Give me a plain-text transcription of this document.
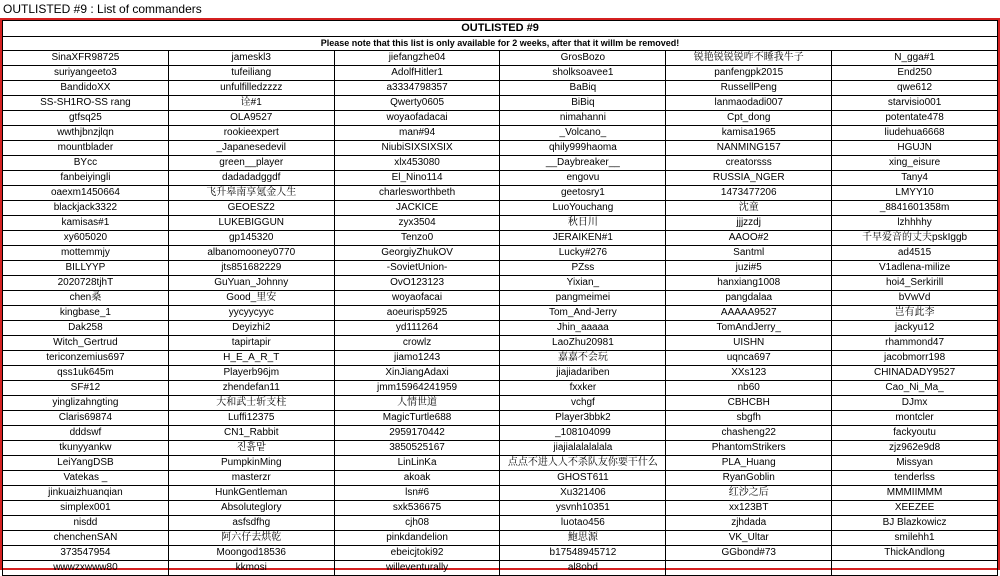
OUTLISTED #9 : List of commanders
OUTLISTED #9					
Please note that this list is only available for 2 weeks, after that it willm be removed!					
SinaXFR98725	jameskl3	jiefangzhe04	GrosBozo	锐艳锐锐锐咋不睡我牛子	N_gga#1
suriyangeeto3	tufeiliang	AdolfHitler1	sholksoavee1	panfengpk2015	End250
BandidoXX	unfulfilledzzzz	a3334798357	BaBiq	RussellPeng	qwe612
SS-SH1RO-SS rang	诠#1	Qwerty0605	BiBiq	lanmaodadi007	starvisio001
gtfsq25	OLA9527	woyaofadacai	nimahanni	Cpt_dong	potentate478
wwthjbnzjlqn	rookieexpert	man#94	_Volcano_	kamisa1965	liudehua6668
mountblader	_Japanesedevil	NiubiSIXSIXSIX	qhily999haoma	NANMING157	HGUJN
BYcc	green__player	xlx453080	__Daybreaker__	creatorsss	xing_eisure
fanbeiyingli	dadadadggdf	El_Nino114	engovu	RUSSIA_NGER	Tany4
oaexm1450664	飞升皋南享氪金人生	charlesworthbeth	geetosry1	1473477206	LMYY10
blackjack3322	GEOESZ2	JACKICE	LuoYouchang	沈童	_8841601358m
kamisas#1	LUKEBIGGUN	zyx3504	秋日川	jjjzzdj	lzhhhhy
xy605020	gp145320	Tenzo0	JERAIKEN#1	AAOO#2	千早爱音的丈夫pskIggb
mottemmjy	albanomooney0770	GeorgiyZhukOV	Lucky#276	Santml	ad4515
BILLYYP	jts851682229	-SovietUnion-	PZss	juzi#5	V1adlena-milize
2020728tjhT	GuYuan_Johnny	OvO123123	Yixian_	hanxiang1008	hoi4_Serkirill
chen桑	Good_里安	woyaofacai	pangmeimei	pangdalaa	bVwVd
kingbase_1	yycyycyyc	aoeurisp5925	Tom_And-Jerry	AAAAA9527	岂有此李
Dak258	Deyizhi2	yd111264	Jhin_aaaaa	TomAndJerry_	jackyu12
Witch_Gertrud	tapirtapir	crowlz	LaoZhu20981	UISHN	rhammond47
tericonzemius697	H_E_A_R_T	jiamo1243	嘉嘉不会玩	uqnca697	jacobmorr198
qss1uk645m	Playerb96jm	XinJiangAdaxi	jiajiadariben	XXs123	CHINADADY9527
SF#12	zhendefan11	jmm15964241959	fxxker	nb60	Cao_Ni_Ma_
yinglizahngting	大和武士斩支柱	人情世道	vchgf	CBHCBH	DJmx
Claris69874	Luffi12375	MagicTurtle688	Player3bbk2	sbgfh	montcler
dddswf	CN1_Rabbit	2959170442	_108104099	chasheng22	fackyoutu
tkunyyankw	진흙맡	3850525167	jiajialalalalala	PhantomStrikers	zjz962e9d8
LeiYangDSB	PumpkinMing	LinLinKa	点点不进人人不杀队友你要干什么	PLA_Huang	Missyan
Vatekas _	masterzr	akoak	GHOST611	RyanGoblin	tenderlss
jinkuaizhuanqian	HunkGentleman	lsn#6	Xu321406	红沙之后	MMMIIMMM
simplex001	Absoluteglory	sxk536675	ysvnh10351	xx123BT	XEEZEE
nisdd	asfsdfhg	cjh08	luotao456	zjhdada	BJ Blazkowicz
chenchenSAN	阿六仔去烘乾	pinkdandelion	鮑思源	VK_Ultar	smilehh1
373547954	Moongod18536	ebeicjtoki92	b17548945712	GGbond#73	ThickAndlong
wwwzxwww80	kkmosi	willeventurally	al8obd		
